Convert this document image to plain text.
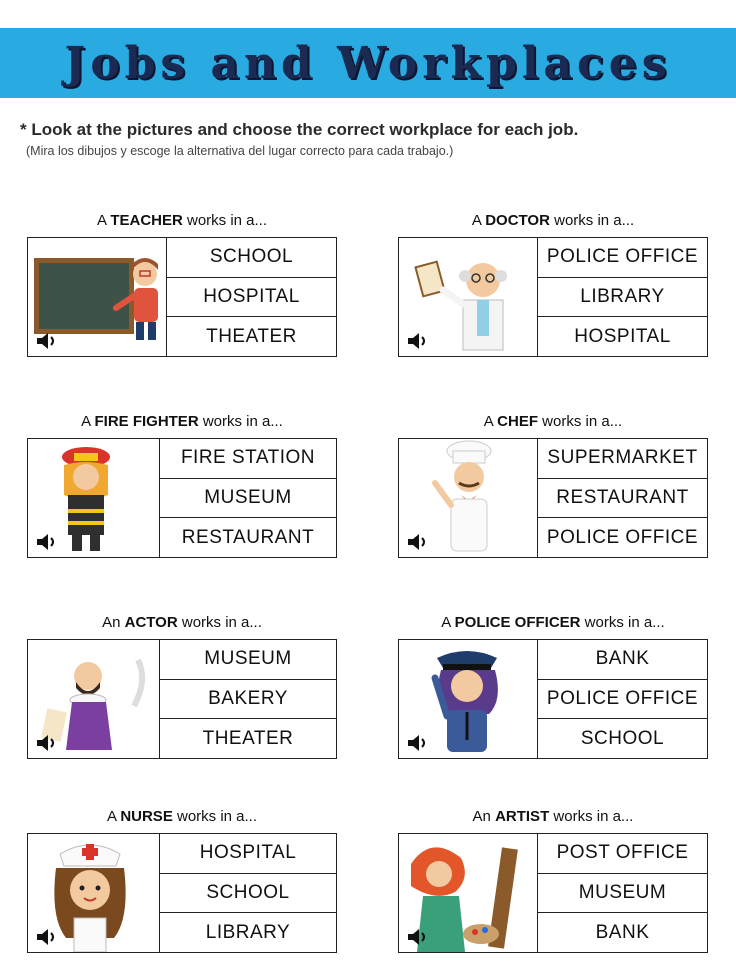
Jobs and Workplaces
* Look at the pictures and choose the correct workplace for each job.
(Mira los dibujos y escoge la alternativa del lugar correcto para cada trabajo.)
A TEACHER works in a...
SCHOOL
HOSPITAL
THEATER
A DOCTOR works in a...
POLICE OFFICE
LIBRARY
HOSPITAL
A FIRE FIGHTER works in a...
FIRE STATION
MUSEUM
RESTAURANT
A CHEF works in a...
SUPERMARKET
RESTAURANT
POLICE OFFICE
An ACTOR works in a...
MUSEUM
BAKERY
THEATER
A POLICE OFFICER works in a...
BANK
POLICE OFFICE
SCHOOL
A NURSE works in a...
HOSPITAL
SCHOOL
LIBRARY
An ARTIST works in a...
POST OFFICE
MUSEUM
BANK
